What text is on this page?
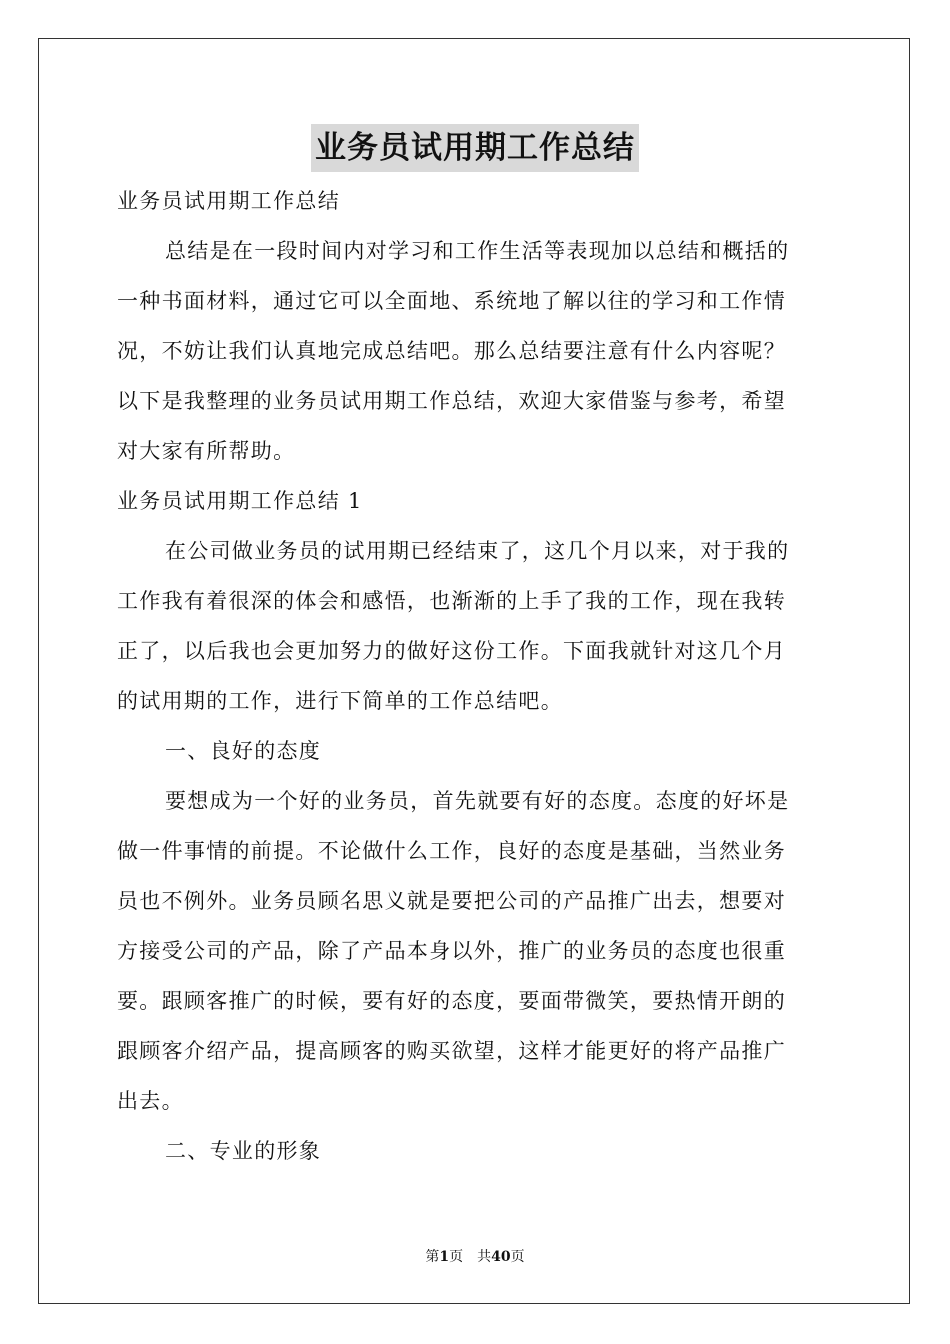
业务员试用期工作总结
业务员试用期工作总结
总结是在一段时间内对学习和工作生活等表现加以总结和概括的
一种书面材料，通过它可以全面地、系统地了解以往的学习和工作情
况，不妨让我们认真地完成总结吧。那么总结要注意有什么内容呢？
以下是我整理的业务员试用期工作总结，欢迎大家借鉴与参考，希望
对大家有所帮助。
业务员试用期工作总结 1
在公司做业务员的试用期已经结束了，这几个月以来，对于我的
工作我有着很深的体会和感悟，也渐渐的上手了我的工作，现在我转
正了，以后我也会更加努力的做好这份工作。下面我就针对这几个月
的试用期的工作，进行下简单的工作总结吧。
一、良好的态度
要想成为一个好的业务员，首先就要有好的态度。态度的好坏是
做一件事情的前提。不论做什么工作，良好的态度是基础，当然业务
员也不例外。业务员顾名思义就是要把公司的产品推广出去，想要对
方接受公司的产品，除了产品本身以外，推广的业务员的态度也很重
要。跟顾客推广的时候，要有好的态度，要面带微笑，要热情开朗的
跟顾客介绍产品，提高顾客的购买欲望，这样才能更好的将产品推广
出去。
二、专业的形象
第1页 共40页
